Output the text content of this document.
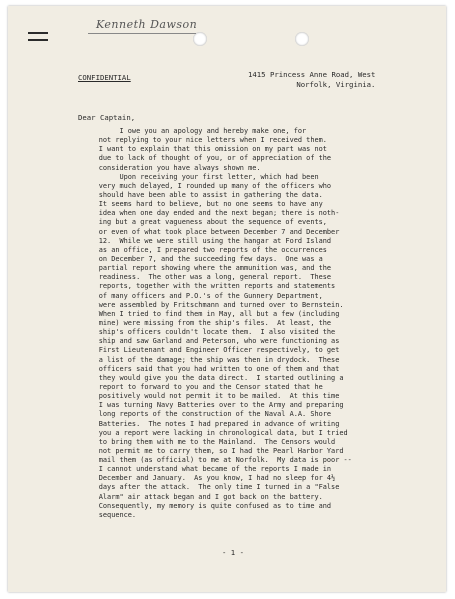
Kenneth Dawson
CONFIDENTIAL	1415 Princess Anne Road, West
Norfolk, Virginia.
Dear Captain,
I owe you an apology and hereby make one, for
not replying to your nice letters when I received them.
I want to explain that this omission on my part was not
due to lack of thought of you, or of appreciation of the
consideration you have always shown me.
Upon receiving your first letter, which had been
very much delayed, I rounded up many of the officers who
should have been able to assist in gathering the data.
It seems hard to believe, but no one seems to have any
idea when one day ended and the next began; there is noth-
ing but a great vagueness about the sequence of events,
or even of what took place between December 7 and December
12.  While we were still using the hangar at Ford Island
as an office, I prepared two reports of the occurrences
on December 7, and the succeeding few days.  One was a
partial report showing where the ammunition was, and the
readiness.  The other was a long, general report.  These
reports, together with the written reports and statements
of many officers and P.O.'s of the Gunnery Department,
were assembled by Fritschmann and turned over to Bernstein.
When I tried to find them in May, all but a few (including
mine) were missing from the ship's files.  At least, the
ship's officers couldn't locate them.  I also visited the
ship and saw Garland and Peterson, who were functioning as
First Lieutenant and Engineer Officer respectively, to get
a list of the damage; the ship was then in drydock.  These
officers said that you had written to one of them and that
they would give you the data direct.  I started outlining a
report to forward to you and the Censor stated that he
positively would not permit it to be mailed.  At this time
I was turning Navy Batteries over to the Army and preparing
long reports of the construction of the Naval A.A. Shore
Batteries.  The notes I had prepared in advance of writing
you a report were lacking in chronological data, but I tried
to bring them with me to the Mainland.  The Censors would
not permit me to carry them, so I had the Pearl Harbor Yard
mail them (as official) to me at Norfolk.  My data is poor --
I cannot understand what became of the reports I made in
December and January.  As you know, I had no sleep for 4½
days after the attack.  The only time I turned in a "False
Alarm" air attack began and I got back on the battery.
Consequently, my memory is quite confused as to time and
sequence.
- 1 -
